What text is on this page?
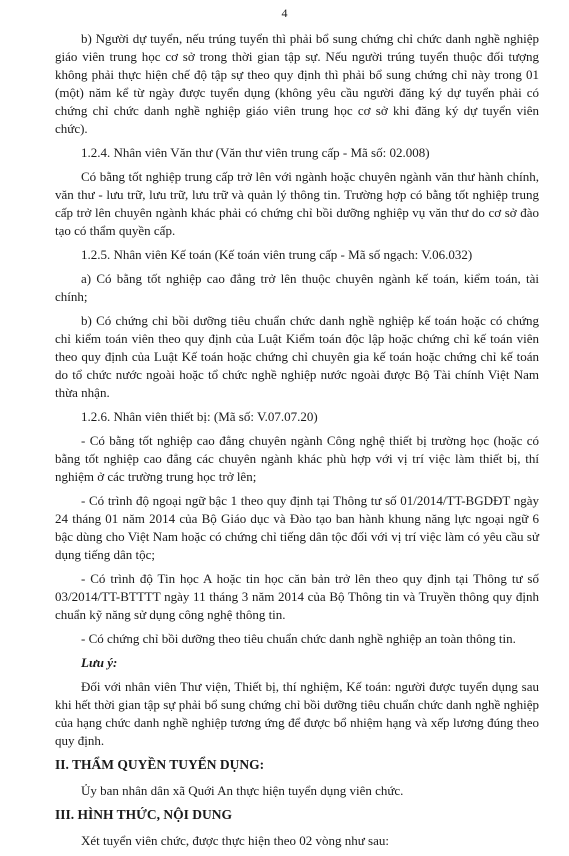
4

b) Người dự tuyển, nếu trúng tuyển thì phải bổ sung chứng chỉ chức danh nghề nghiệp giáo viên trung học cơ sở trong thời gian tập sự. Nếu người trúng tuyển thuộc đối tượng không phải thực hiện chế độ tập sự theo quy định thì phải bổ sung chứng chỉ này trong 01 (một) năm kể từ ngày được tuyển dụng (không yêu cầu người đăng ký dự tuyển phải có chứng chỉ chức danh nghề nghiệp giáo viên trung học cơ sở khi đăng ký dự tuyển viên chức).

1.2.4. Nhân viên Văn thư (Văn thư viên trung cấp - Mã số: 02.008)

Có bằng tốt nghiệp trung cấp trở lên với ngành hoặc chuyên ngành văn thư hành chính, văn thư - lưu trữ, lưu trữ, lưu trữ và quản lý thông tin. Trường hợp có bằng tốt nghiệp trung cấp trở lên chuyên ngành khác phải có chứng chỉ bồi dưỡng nghiệp vụ văn thư do cơ sở đào tạo có thẩm quyền cấp.

1.2.5. Nhân viên Kế toán (Kế toán viên trung cấp - Mã số ngạch: V.06.032)

a) Có bằng tốt nghiệp cao đẳng trở lên thuộc chuyên ngành kế toán, kiểm toán, tài chính;

b) Có chứng chỉ bồi dưỡng tiêu chuẩn chức danh nghề nghiệp kế toán hoặc có chứng chỉ kiểm toán viên theo quy định của Luật Kiểm toán độc lập hoặc chứng chỉ kế toán viên theo quy định của Luật Kế toán hoặc chứng chỉ chuyên gia kế toán hoặc chứng chỉ kế toán do tổ chức nước ngoài hoặc tổ chức nghề nghiệp nước ngoài được Bộ Tài chính Việt Nam thừa nhận.

1.2.6. Nhân viên thiết bị: (Mã số: V.07.07.20)

- Có bằng tốt nghiệp cao đẳng chuyên ngành Công nghệ thiết bị trường học (hoặc có bằng tốt nghiệp cao đẳng các chuyên ngành khác phù hợp với vị trí việc làm thiết bị, thí nghiệm ở các trường trung học trở lên;

- Có trình độ ngoại ngữ bậc 1 theo quy định tại Thông tư số 01/2014/TT-BGDĐT ngày 24 tháng 01 năm 2014 của Bộ Giáo dục và Đào tạo ban hành khung năng lực ngoại ngữ 6 bậc dùng cho Việt Nam hoặc có chứng chỉ tiếng dân tộc đối với vị trí việc làm có yêu cầu sử dụng tiếng dân tộc;

- Có trình độ Tin học A hoặc tin học căn bản trở lên theo quy định tại Thông tư số 03/2014/TT-BTTTT ngày 11 tháng 3 năm 2014 của Bộ Thông tin và Truyền thông quy định chuẩn kỹ năng sử dụng công nghệ thông tin.

- Có chứng chỉ bồi dưỡng theo tiêu chuẩn chức danh nghề nghiệp an toàn thông tin.

Lưu ý:

Đối với nhân viên Thư viện, Thiết bị, thí nghiệm, Kế toán: người được tuyển dụng sau khi hết thời gian tập sự phải bổ sung chứng chỉ bồi dưỡng tiêu chuẩn chức danh nghề nghiệp của hạng chức danh nghề nghiệp tương ứng để được bổ nhiệm hạng và xếp lương đúng theo quy định.

II. THẨM QUYỀN TUYỂN DỤNG:

Ủy ban nhân dân xã Quới An thực hiện tuyển dụng viên chức.

III. HÌNH THỨC, NỘI DUNG

Xét tuyển viên chức, được thực hiện theo 02 vòng như sau:
